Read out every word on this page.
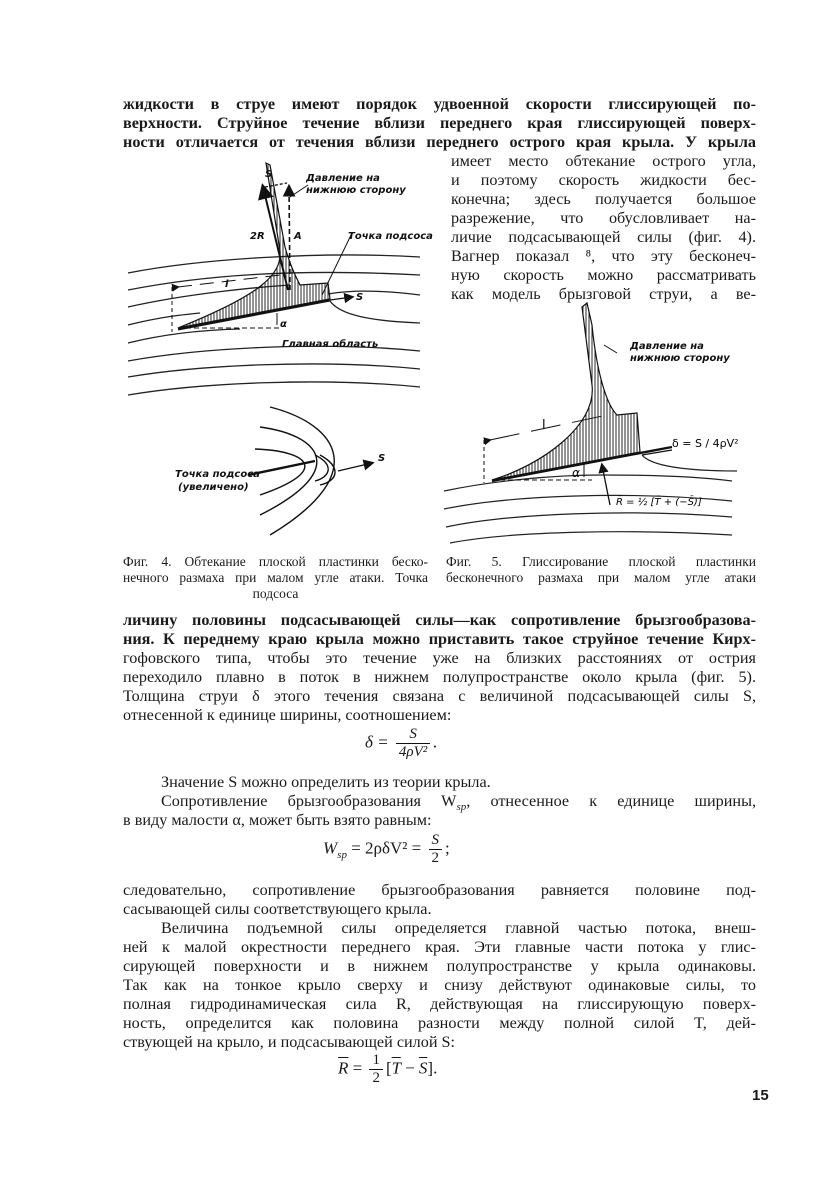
жидкости в струе имеют порядок удвоенной скорости глиссирующей по-
верхности. Струйное течение вблизи переднего края глиссирующей поверх-
ности отличается от течения вблизи переднего острого края крыла. У крыла
имеет место обтекание острого угла,
и поэтому скорость жидкости бес-
конечна; здесь получается большое
разрежение, что обусловливает на-
личие подсасывающей силы (фиг. 4).
Вагнер показал ⁸, что эту бесконеч-
ную скорость можно рассматривать
как модель брызговой струи, а ве-
Давление на
нижнюю сторону
S
2R	A	Точка подсоса
l
S
α
Главная область
Точка подсоса
(увеличено)
S
Фиг. 4. Обтекание плоской пластинки беско-
нечного размаха при малом угле атаки. Точка
подсоса
Давление на
нижнюю сторону
l
α
δ = S / 4ρV²
R̄ = ½ [T̄ + (−S̄)]
Фиг. 5. Глиссирование плоской пластинки
бесконечного размаха при малом угле атаки
личину половины подсасывающей силы—как сопротивление брызгообразова-
ния. К переднему краю крыла можно приставить такое струйное течение Кирх-
гофовского типа, чтобы это течение уже на близких расстояниях от острия
переходило плавно в поток в нижнем полупространстве около крыла (фиг. 5).
Толщина струи δ этого течения связана с величиной подсасывающей силы S,
отнесенной к единице ширины, соотношением:
$\delta = \frac{S}{\text{4ρV²}}$ .
Значение S можно определить из теории крыла.
Сопротивление брызгообразования $W_{sp}$, отнесенное к единице ширины,
в виду малости α, может быть взято равным:
$W_{sp} = 2\rho\delta V^2 = \frac{S}{2}$ ;
следовательно, сопротивление брызгообразования равняется половине под-
сасывающей силы соответствующего крыла.
Величина подъемной силы определяется главной частью потока, внеш-
ней к малой окрестности переднего края. Эти главные части потока у глис-
сирующей поверхности и в нижнем полупространстве у крыла одинаковы.
Так как на тонкое крыло сверху и снизу действуют одинаковые силы, то
полная гидродинамическая сила R, действующая на глиссирующую поверх-
ность, определится как половина разности между полной силой T, дей-
ствующей на крыло, и подсасывающей силой S:
$\overline{R} = \frac{1}{2} [\overline{T} - \overline{S}]$.
15
